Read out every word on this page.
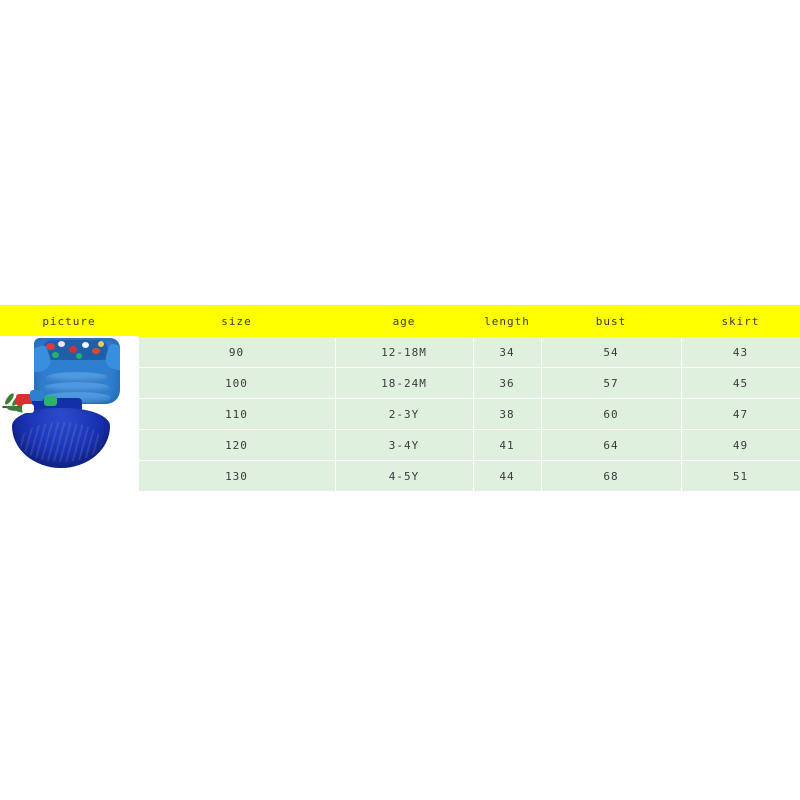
picture	size	age	length	bust	skirt
	90	12-18M	34	54	43
	100	18-24M	36	57	45
	110	2-3Y	38	60	47
	120	3-4Y	41	64	49
	130	4-5Y	44	68	51
